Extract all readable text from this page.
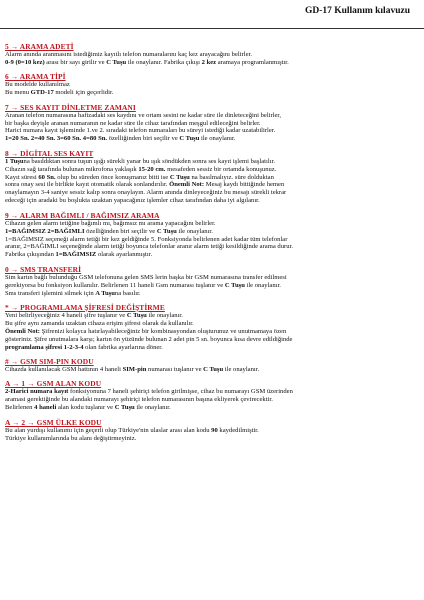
GD-17 Kullanım kılavuzu
5 → ARAMA ADETİ

Alarm anında aranmasını istediğimiz kayıtlı telefon numaralarını kaç kez arayacağını belirler.

0-9 (0=10 kez) arası bir sayı girilir ve C Tuşu ile onaylanır. Fabrika çıkışı 2 kez aramaya programlanmıştır.

6 → ARAMA TİPİ

Bu modelde kullanılmaz

Bu menu GTD-17 modeli için geçerlidir.

7 → SES KAYIT DİNLETME ZAMANI

Aranan telefon numarasına hafizadaki ses kaydını ve ortam sesini ne kadar süre ile dinleteceğini belirler,

bir başka deyişle aranan numaranın ne kadar süre ile cihaz tarafından meşgul edileceğini belirler.

Harici numara kayıt işleminde 1.ve 2. sıradaki telefon numaraları bu süreyi istediği kadar uzatabilirler.

1=20 Sn. 2=40 Sn. 3=60 Sn. 4=80 Sn. özelliğinden biri seçilir ve C Tuşu ile onaylanır.

8 → DİGİTAL SES KAYIT

1 Tuşuna basıldıktan sonra tuşun ışığı sürekli yanar bu ışık söndükden sonra ses kayıt işlemi başlatılır.

Cihazın sağ tarafında bulunan mikrofona yaklaşık 15-20 cm. mesafeden sessiz bir ortamda konuşunuz.

Kayıt süresi 60 Sn. olup bu süreden önce konuşmanız bitti ise C Tuşu na basılmalıyız. süre dolduktan

sonra onay sesi ile birlikte kayıt otomatik olarak sonlandırılır. Önemli Not: Mesaj kaydı bittiğinde hemen

onaylamayın 3-4 saniye sessiz kalıp sonra onaylayın. Alarm anında dinleyeceğiniz bu mesajı sürekli tekrar

edeceği için aradaki bu boşlukta uzaktan yapacağınız işlemler cihaz tarafından daha iyi algılanır.

9 → ALARM BAĞIMLI / BAĞIMSIZ ARAMA

Cihazın gelen alarm tetiğine bağımlı mı, bağımsız mı arama yapacağını belirler.

1=BAĞIMSIZ 2=BAĞIMLI özelliğinden biri seçilir ve C Tuşu ile onaylanır.

1=BAĞIMSIZ seçeneği alarm tetiği bir kez geldiğinde 5. Fonksiyonda belirlenen adet kadar tüm telefonlar

aranır, 2=BAĞIMLI seçeneğinde alarm tetiği boyunca telefonlar aranır alarm tetiği kesildiğinde arama durur.

Fabrika çıkışından 1=BAĞIMSIZ olarak ayarlanmıştır.

0 → SMS TRANSFERİ

Sim kartın bağlı bulunduğu GSM telefonuna gelen SMS lerin başka bir GSM numarasına transfer edilmesi

gerekiyorsa bu fonksiyon kullanılır. Belirlenen 11 haneli Gsm numarası tuşlanır ve C Tuşu ile onaylanır.

Sms transferi işlemini silmek için A Tuşuna basılır.

* → PROGRAMLAMA ŞİFRESİ DEĞİŞTİRME

Yeni belirliyeceğiniz 4 haneli şifre tuşlanır ve C Tuşu ile onaylanır.

Bu şifre aynı zamanda uzaktan cihaza erişim şifresi olarak da kullanılır.

Önemli Not: Şifrenizi kolayca hatırlayabileceğiniz bir kombinasyondan oluşturunuz ve unutmamaya özen

gösteriniz. Şifre unutmalara karşı; kartın ön yüzünde bulunan 2 adet pin 5 sn. boyunca kısa devre edildiğinde

programlama şifresi 1-2-3-4 olan fabrika ayarlarına döner.

# → GSM SIM-PIN KODU

Cihazda kullanılacak GSM hattının 4 haneli SIM-pin numarası tuşlanır ve C Tuşu ile onaylanır.

A → 1 → GSM ALAN KODU

2-Harici numara kayıt fonksiyonuna 7 haneli şehiriçi telefon girilmişse, cihaz bu numarayı GSM üzerinden

aramasi gerektiğinde bu alandaki numarayı şehiriçi telefon numarasının başına ekliyerek çevirecektir.

Belirlenen 4 haneli alan kodu tuşlanır ve C Tuşu ile onaylanır.

A → 2 → GSM ÜLKE KODU

Bu alan yurdışı kullanımı için geçerli olup Türkiye'nin ulaslar arası alan kodu 90 kaydedilmiştir.

Türkiye kullanımlarında bu alanı değiştirmeyiniz.
